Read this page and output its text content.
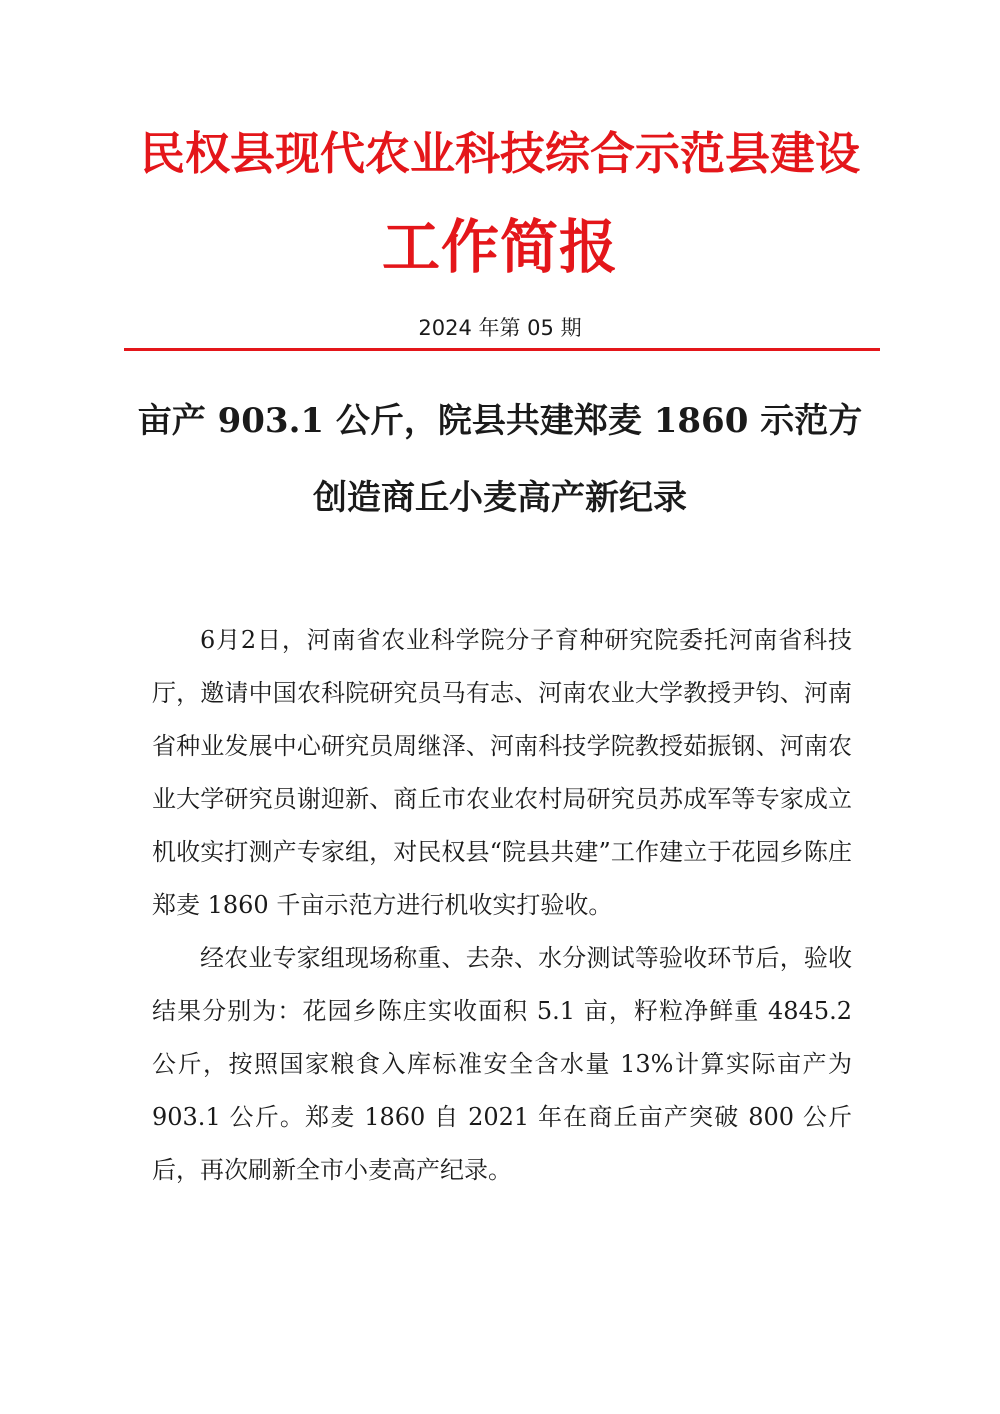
民权县现代农业科技综合示范县建设
工作简报
2024 年第 05 期
亩产 903.1 公斤，院县共建郑麦 1860 示范方
创造商丘小麦高产新纪录

6月2日，河南省农业科学院分子育种研究院委托河南省科技厅，邀请中国农科院研究员马有志、河南农业大学教授尹钧、河南省种业发展中心研究员周继泽、河南科技学院教授茹振钢、河南农业大学研究员谢迎新、商丘市农业农村局研究员苏成军等专家成立机收实打测产专家组，对民权县“院县共建”工作建立于花园乡陈庄郑麦 1860 千亩示范方进行机收实打验收。

经农业专家组现场称重、去杂、水分测试等验收环节后，验收结果分别为：花园乡陈庄实收面积 5.1 亩，籽粒净鲜重 4845.2 公斤，按照国家粮食入库标准安全含水量 13%计算实际亩产为 903.1 公斤。郑麦 1860 自 2021 年在商丘亩产突破 800 公斤后，再次刷新全市小麦高产纪录。
